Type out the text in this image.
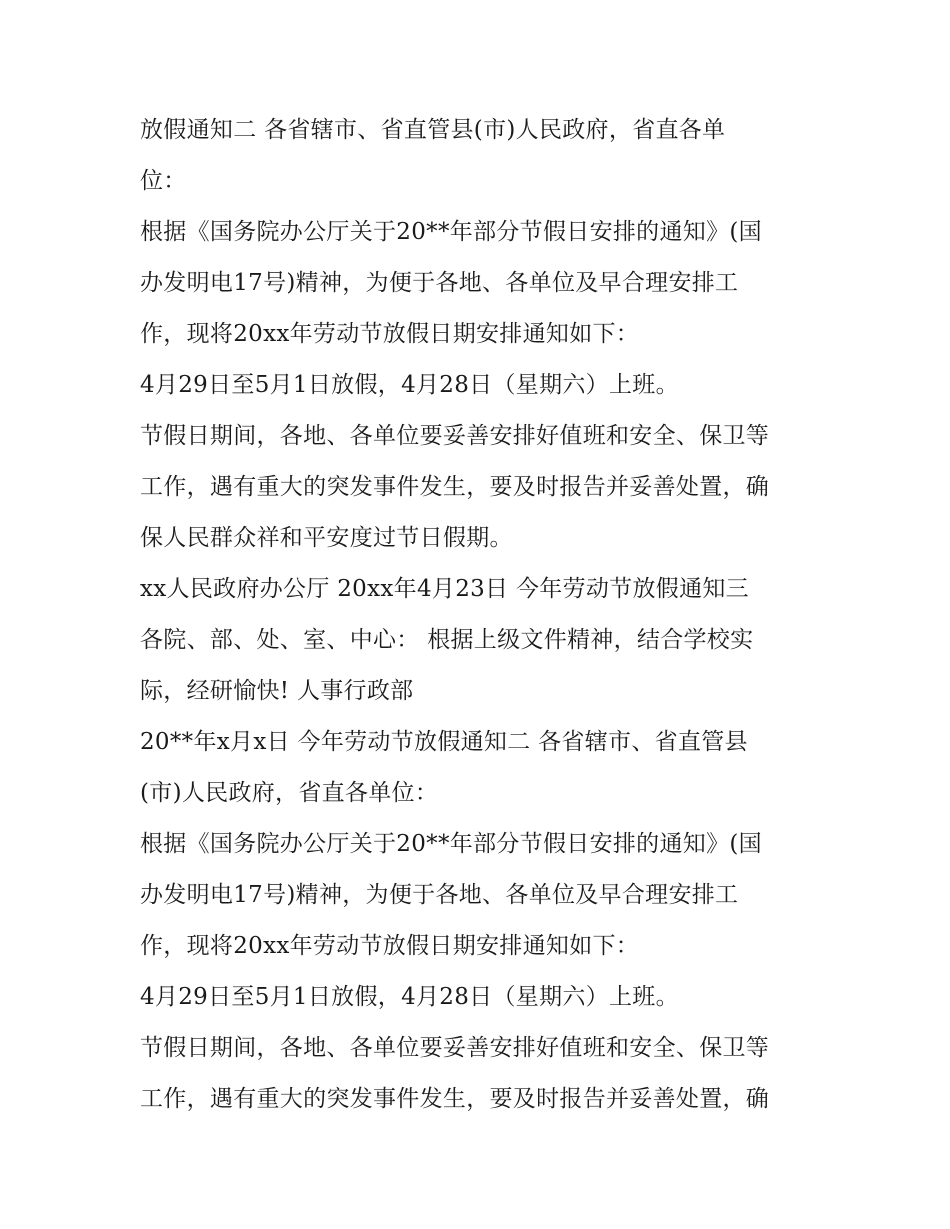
放假通知二 各省辖市、省直管县(市)人民政府，省直各单
位：
根据《国务院办公厅关于20**年部分节假日安排的通知》(国
办发明电17号)精神，为便于各地、各单位及早合理安排工
作，现将20xx年劳动节放假日期安排通知如下：
4月29日至5月1日放假，4月28日（星期六）上班。
节假日期间，各地、各单位要妥善安排好值班和安全、保卫等
工作，遇有重大的突发事件发生，要及时报告并妥善处置，确
保人民群众祥和平安度过节日假期。
xx人民政府办公厅 20xx年4月23日 今年劳动节放假通知三
各院、部、处、室、中心： 根据上级文件精神，结合学校实
际，经研愉快! 人事行政部
20**年x月x日 今年劳动节放假通知二 各省辖市、省直管县
(市)人民政府，省直各单位：
根据《国务院办公厅关于20**年部分节假日安排的通知》(国
办发明电17号)精神，为便于各地、各单位及早合理安排工
作，现将20xx年劳动节放假日期安排通知如下：
4月29日至5月1日放假，4月28日（星期六）上班。
节假日期间，各地、各单位要妥善安排好值班和安全、保卫等
工作，遇有重大的突发事件发生，要及时报告并妥善处置，确
